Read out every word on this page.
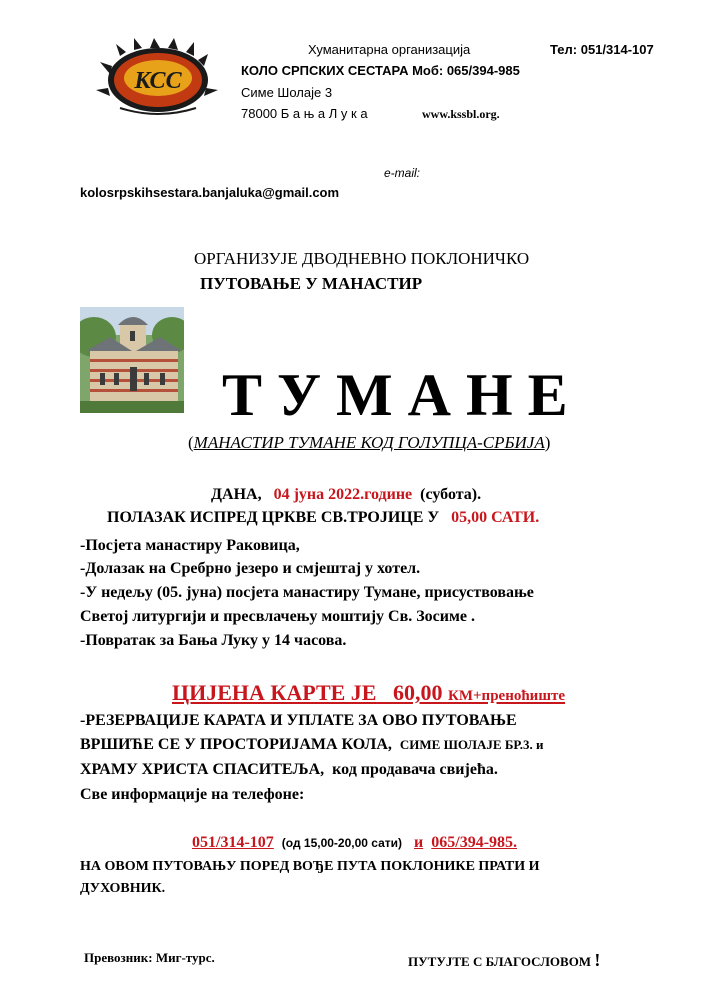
КСС
Хуманитарна организација	Тел: 051/314-107
КОЛО СРПСКИХ СЕСТАРА Моб: 065/394-985
Симе Шолаје 3
78000 Б а њ а Л у к а	www.kssbl.org.
e-mail:
kolosrpskihsestara.banjaluka@gmail.com
ОРГАНИЗУЈЕ ДВОДНЕВНО ПОКЛОНИЧКО
ПУТОВАЊЕ У МАНАСТИР
Т У М А Н Е
(МАНАСТИР ТУМАНЕ КОД ГОЛУПЦА-СРБИЈА)
ДАНА, 04 јуна 2022.године (субота).
ПОЛАЗАК ИСПРЕД ЦРКВЕ СВ.ТРОЈИЦЕ У 05,00 САТИ.
-Посјета манастиру Раковица,
-Долазак на Сребрно језеро и смјештај у хотел.
-У недељу (05. јуна) посјета манастиру Тумане, присуствовање
Светој литургији и пресвлачењу моштију Св. Зосиме .
-Повратак за Бања Луку у 14 часова.
ЦИЈЕНА КАРТЕ ЈЕ 60,00 КМ+преноћиште
-РЕЗЕРВАЦИЈЕ КАРАТА И УПЛАТЕ ЗА ОВО ПУТОВАЊЕ
ВРШИЋЕ СЕ У ПРОСТОРИЈАМА КОЛА, СИМЕ ШОЛАЈЕ БР.3. и
ХРАМУ ХРИСТА СПАСИТЕЉА, код продавача свијећа.
Све информације на телефоне:
051/314-107 (од 15,00-20,00 сати) и 065/394-985.
НА ОВОМ ПУТОВАЊУ ПОРЕД ВОЂЕ ПУТА ПОКЛОНИКЕ ПРАТИ И
ДУХОВНИК.
Превозник: Миг-турс.	ПУТУЈТЕ С БЛАГОСЛОВОМ !
